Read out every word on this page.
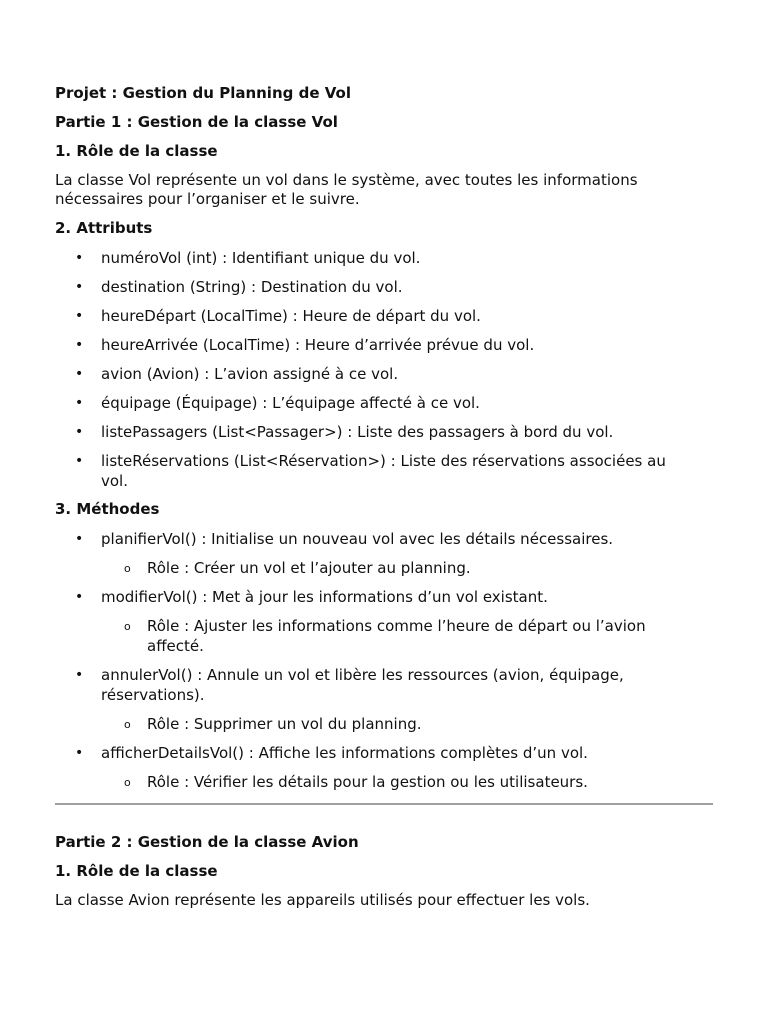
Projet : Gestion du Planning de Vol
Partie 1 : Gestion de la classe Vol
1. Rôle de la classe
La classe Vol représente un vol dans le système, avec toutes les informations nécessaires pour l’organiser et le suivre.
2. Attributs
• numéroVol (int) : Identifiant unique du vol.
• destination (String) : Destination du vol.
• heureDépart (LocalTime) : Heure de départ du vol.
• heureArrivée (LocalTime) : Heure d’arrivée prévue du vol.
• avion (Avion) : L’avion assigné à ce vol.
• équipage (Équipage) : L’équipage affecté à ce vol.
• listePassagers (List<Passager>) : Liste des passagers à bord du vol.
• listeRéservations (List<Réservation>) : Liste des réservations associées au vol.
3. Méthodes
• planifierVol() : Initialise un nouveau vol avec les détails nécessaires.
o Rôle : Créer un vol et l’ajouter au planning.
• modifierVol() : Met à jour les informations d’un vol existant.
o Rôle : Ajuster les informations comme l’heure de départ ou l’avion affecté.
• annulerVol() : Annule un vol et libère les ressources (avion, équipage, réservations).
o Rôle : Supprimer un vol du planning.
• afficherDetailsVol() : Affiche les informations complètes d’un vol.
o Rôle : Vérifier les détails pour la gestion ou les utilisateurs.
Partie 2 : Gestion de la classe Avion
1. Rôle de la classe
La classe Avion représente les appareils utilisés pour effectuer les vols.
